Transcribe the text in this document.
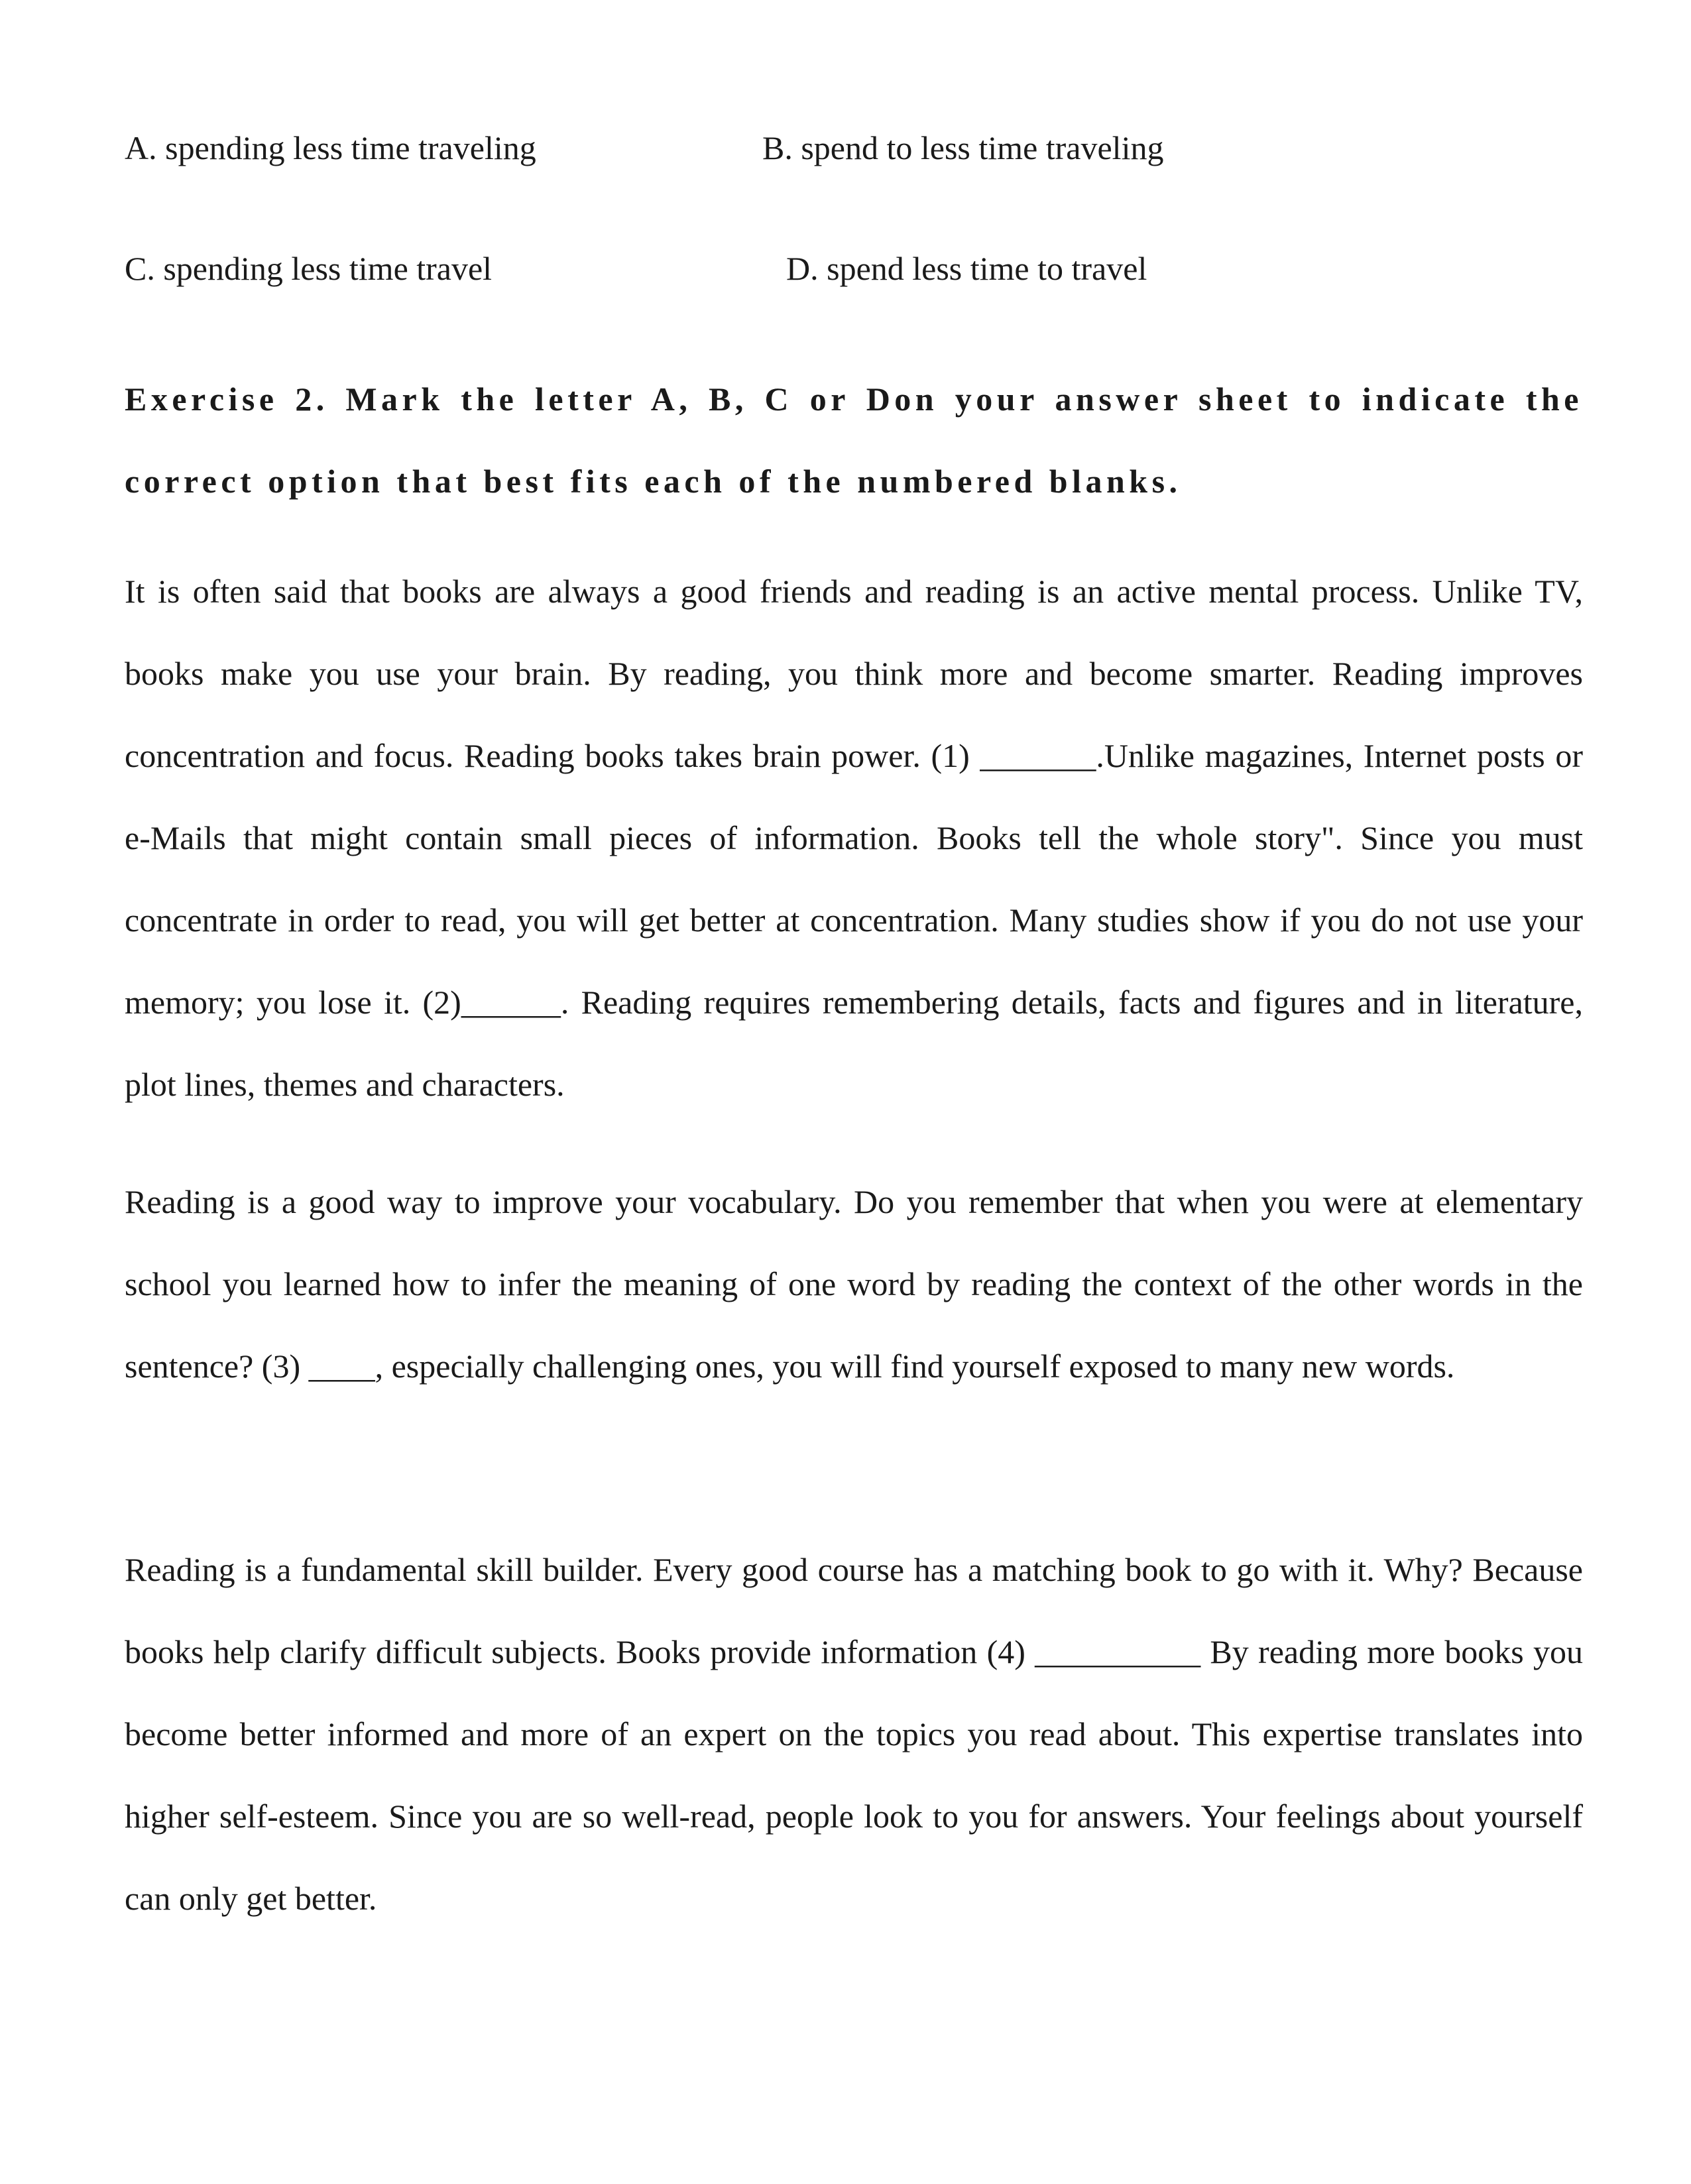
A. spending less time traveling	B. spend to less time traveling
C. spending less time travel	D. spend less time to travel

Exercise 2. Mark the letter A, B, C or Don your answer sheet to indicate the correct option that best fits each of the numbered blanks.

It is often said that books are always a good friends and reading is an active mental process. Unlike TV, books make you use your brain. By reading, you think more and become smarter. Reading improves concentration and focus. Reading books takes brain power. (1) _______.Unlike magazines, Internet posts or e-Mails that might contain small pieces of information. Books tell the whole story". Since you must concentrate in order to read, you will get better at concentration. Many studies show if you do not use your memory; you lose it. (2)______. Reading requires remembering details, facts and figures and in literature, plot lines, themes and characters.

Reading is a good way to improve your vocabulary. Do you remember that when you were at elementary school you learned how to infer the meaning of one word by reading the context of the other words in the sentence? (3) ____, especially challenging ones, you will find yourself exposed to many new words.

Reading is a fundamental skill builder. Every good course has a matching book to go with it. Why? Because books help clarify difficult subjects. Books provide information (4) __________ By reading more books you become better informed and more of an expert on the topics you read about. This expertise translates into higher self-esteem. Since you are so well-read, people look to you for answers. Your feelings about yourself can only get better.
